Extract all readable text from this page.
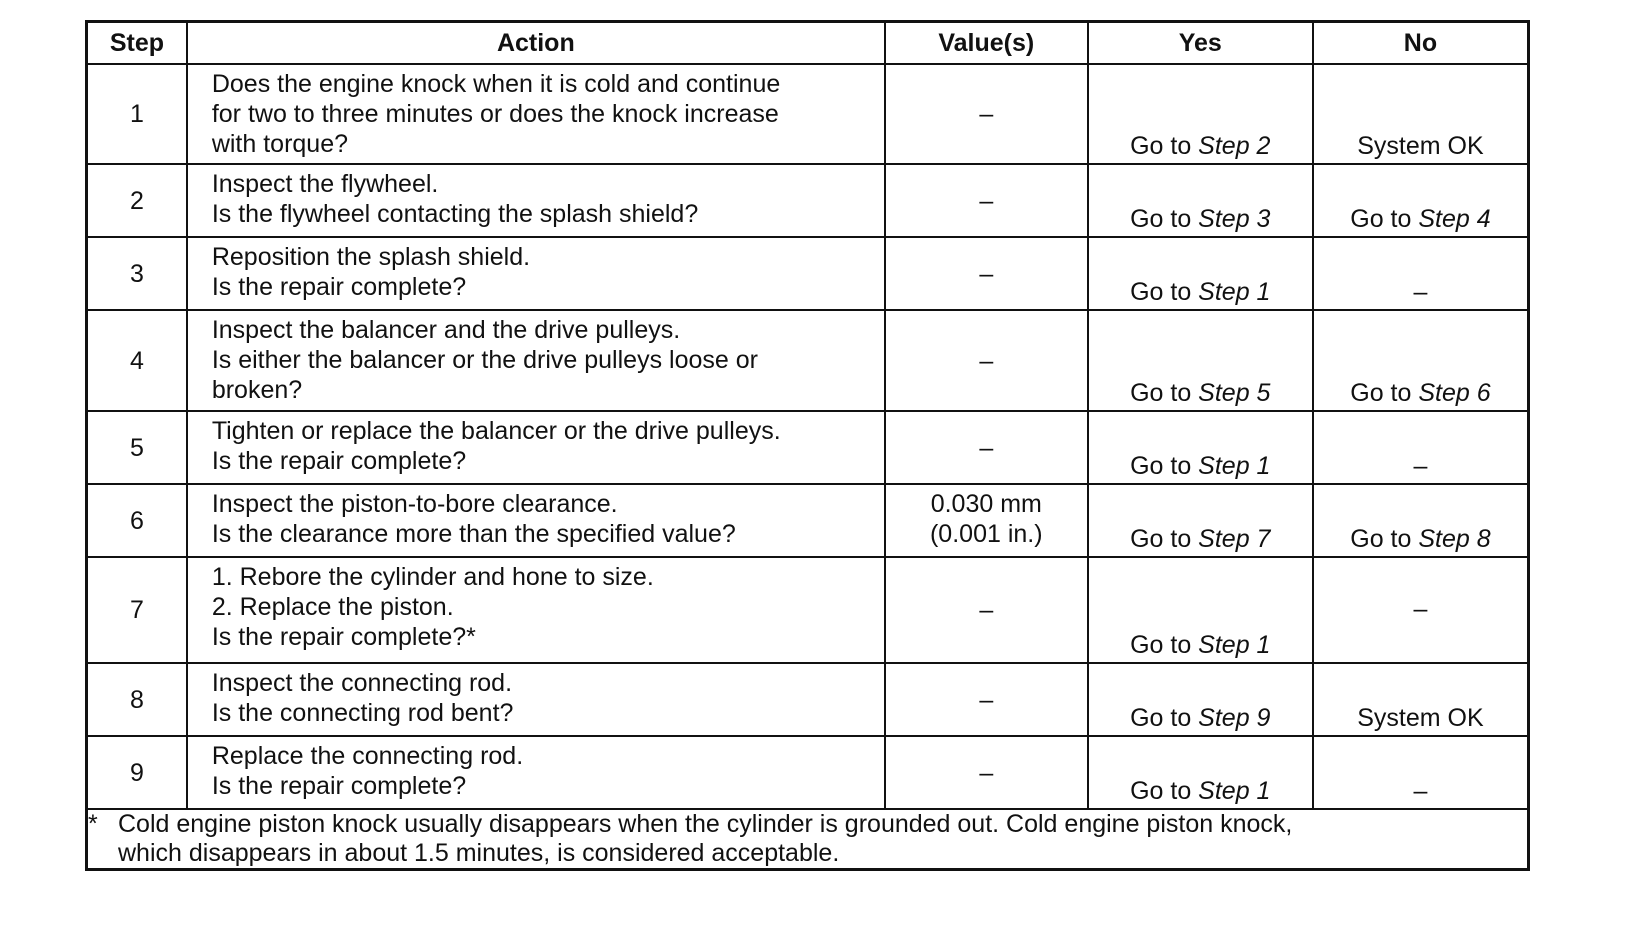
Step	Action	Value(s)	Yes	No
1	Does the engine knock when it is cold and continue
for two to three minutes or does the knock increase
with torque?	–	Go to Step 2	System OK
2	Inspect the flywheel.
Is the flywheel contacting the splash shield?	–	Go to Step 3	Go to Step 4
3	Reposition the splash shield.
Is the repair complete?	–	Go to Step 1	–
4	Inspect the balancer and the drive pulleys.
Is either the balancer or the drive pulleys loose or
broken?	–	Go to Step 5	Go to Step 6
5	Tighten or replace the balancer or the drive pulleys.
Is the repair complete?	–	Go to Step 1	–
6	Inspect the piston-to-bore clearance.
Is the clearance more than the specified value?	0.030 mm
(0.001 in.)	Go to Step 7	Go to Step 8
7	1. Rebore the cylinder and hone to size.
2. Replace the piston.
Is the repair complete?*	–	Go to Step 1	–
8	Inspect the connecting rod.
Is the connecting rod bent?	–	Go to Step 9	System OK
9	Replace the connecting rod.
Is the repair complete?	–	Go to Step 1	–

* Cold engine piston knock usually disappears when the cylinder is grounded out. Cold engine piston knock,
which disappears in about 1.5 minutes, is considered acceptable.				
